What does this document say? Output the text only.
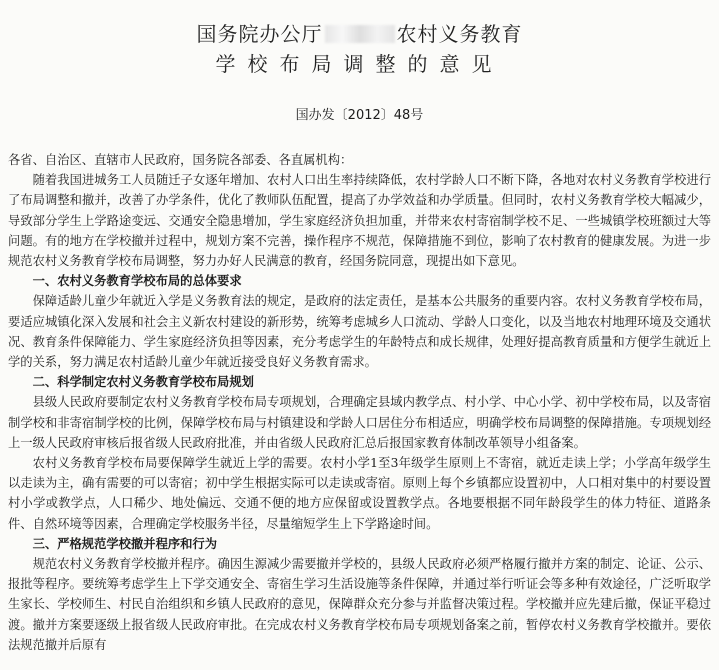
国务院办公厅	农村义务教育
学校布局调整的意见
国办发〔2012〕48号

各省、自治区、直辖市人民政府，国务院各部委、各直属机构：

随着我国进城务工人员随迁子女逐年增加、农村人口出生率持续降低，农村学龄人口不断下降，各地对农村义务教育学校进行了布局调整和撤并，改善了办学条件，优化了教师队伍配置，提高了办学效益和办学质量。但同时，农村义务教育学校大幅减少，导致部分学生上学路途变远、交通安全隐患增加，学生家庭经济负担加重，并带来农村寄宿制学校不足、一些城镇学校班额过大等问题。有的地方在学校撤并过程中，规划方案不完善，操作程序不规范，保障措施不到位，影响了农村教育的健康发展。为进一步规范农村义务教育学校布局调整，努力办好人民满意的教育，经国务院同意，现提出如下意见。

一、农村义务教育学校布局的总体要求

保障适龄儿童少年就近入学是义务教育法的规定，是政府的法定责任，是基本公共服务的重要内容。农村义务教育学校布局，要适应城镇化深入发展和社会主义新农村建设的新形势，统筹考虑城乡人口流动、学龄人口变化，以及当地农村地理环境及交通状况、教育条件保障能力、学生家庭经济负担等因素，充分考虑学生的年龄特点和成长规律，处理好提高教育质量和方便学生就近上学的关系，努力满足农村适龄儿童少年就近接受良好义务教育需求。

二、科学制定农村义务教育学校布局规划

县级人民政府要制定农村义务教育学校布局专项规划，合理确定县域内教学点、村小学、中心小学、初中学校布局，以及寄宿制学校和非寄宿制学校的比例，保障学校布局与村镇建设和学龄人口居住分布相适应，明确学校布局调整的保障措施。专项规划经上一级人民政府审核后报省级人民政府批准，并由省级人民政府汇总后报国家教育体制改革领导小组备案。

农村义务教育学校布局要保障学生就近上学的需要。农村小学1至3年级学生原则上不寄宿，就近走读上学；小学高年级学生以走读为主，确有需要的可以寄宿；初中学生根据实际可以走读或寄宿。原则上每个乡镇都应设置初中，人口相对集中的村要设置村小学或教学点，人口稀少、地处偏远、交通不便的地方应保留或设置教学点。各地要根据不同年龄段学生的体力特征、道路条件、自然环境等因素，合理确定学校服务半径，尽量缩短学生上下学路途时间。

三、严格规范学校撤并程序和行为

规范农村义务教育学校撤并程序。确因生源减少需要撤并学校的，县级人民政府必须严格履行撤并方案的制定、论证、公示、报批等程序。要统筹考虑学生上下学交通安全、寄宿生学习生活设施等条件保障，并通过举行听证会等多种有效途径，广泛听取学生家长、学校师生、村民自治组织和乡镇人民政府的意见，保障群众充分参与并监督决策过程。学校撤并应先建后撤，保证平稳过渡。撤并方案要逐级上报省级人民政府审批。在完成农村义务教育学校布局专项规划备案之前，暂停农村义务教育学校撤并。要依法规范撤并后原有
